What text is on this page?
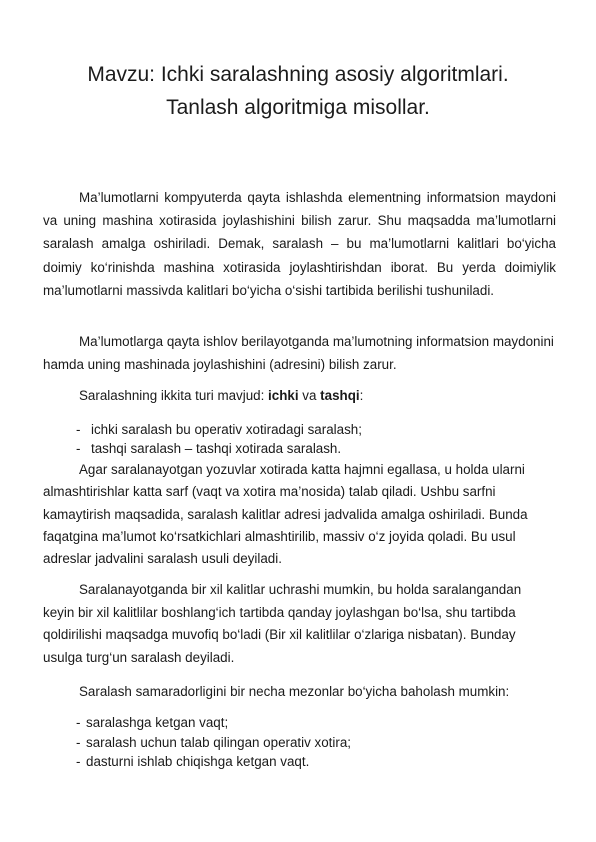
Mavzu: Ichki saralashning asosiy algoritmlari.
Tanlash algoritmiga misollar.
Ma’lumotlarni kompyuterda qayta ishlashda elementning informatsion maydoni va uning mashina xotirasida joylashishini bilish zarur. Shu maqsadda ma’lumotlarni saralash amalga oshiriladi. Demak, saralash – bu ma’lumotlarni kalitlari bo‘yicha doimiy ko‘rinishda mashina xotirasida joylashtirishdan iborat. Bu yerda doimiylik ma’lumotlarni massivda kalitlari bo‘yicha o‘sishi tartibida berilishi tushuniladi.
Ma’lumotlarga qayta ishlov berilayotganda ma’lumotning informatsion maydonini hamda uning mashinada joylashishini (adresini) bilish zarur.
Saralashning ikkita turi mavjud: ichki va tashqi:
- ichki saralash bu operativ xotiradagi saralash;
- tashqi saralash – tashqi xotirada saralash.
Agar saralanayotgan yozuvlar xotirada katta hajmni egallasa, u holda ularni almashtirishlar katta sarf (vaqt va xotira ma’nosida) talab qiladi. Ushbu sarfni kamaytirish maqsadida, saralash kalitlar adresi jadvalida amalga oshiriladi. Bunda faqatgina ma’lumot ko‘rsatkichlari almashtirilib, massiv o‘z joyida qoladi. Bu usul adreslar jadvalini saralash usuli deyiladi.
Saralanayotganda bir xil kalitlar uchrashi mumkin, bu holda saralangandan keyin bir xil kalitlilar boshlang‘ich tartibda qanday joylashgan bo‘lsa, shu tartibda qoldirilishi maqsadga muvofiq bo‘ladi (Bir xil kalitlilar o‘zlariga nisbatan). Bunday usulga turg‘un saralash deyiladi.
Saralash samaradorligini bir necha mezonlar bo‘yicha baholash mumkin:
- saralashga ketgan vaqt;
- saralash uchun talab qilingan operativ xotira;
- dasturni ishlab chiqishga ketgan vaqt.
